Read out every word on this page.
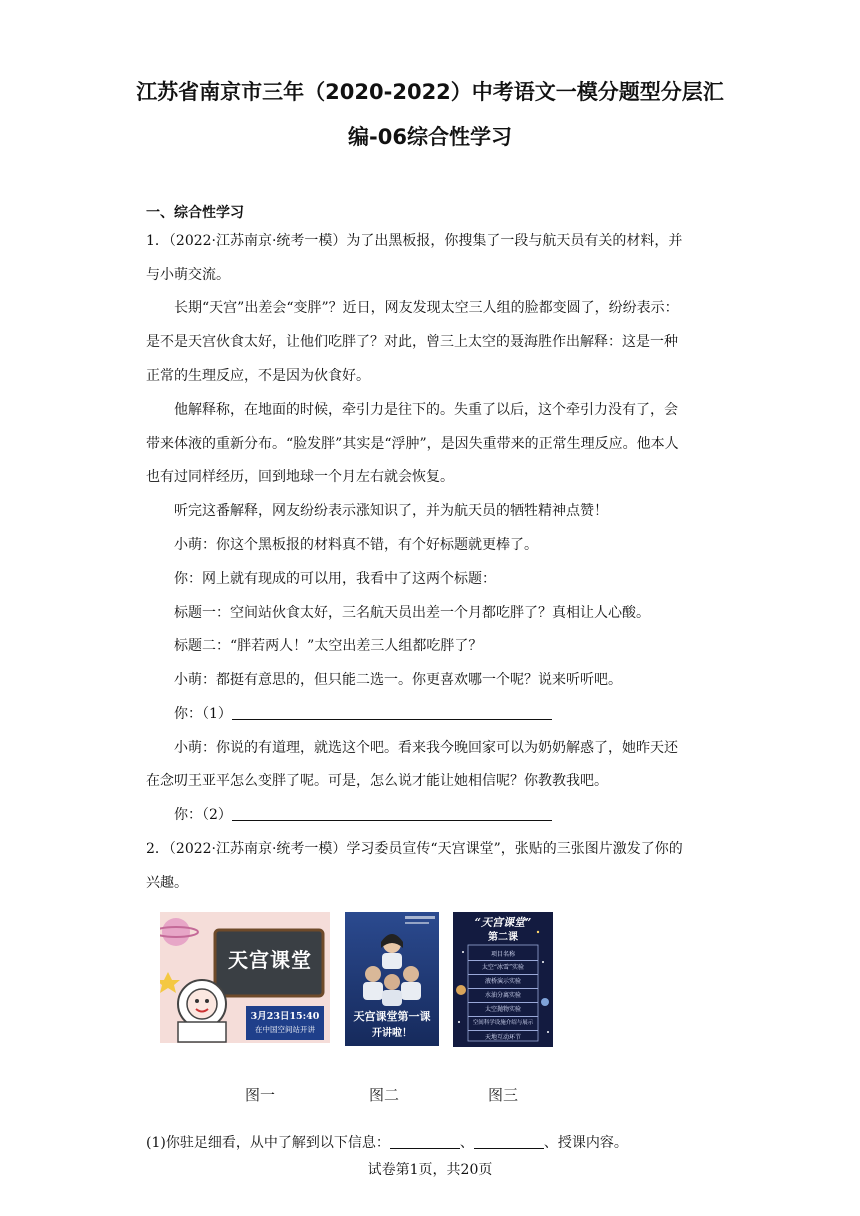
江苏省南京市三年（2020-2022）中考语文一模分题型分层汇
编-06综合性学习
一、综合性学习
1．（2022·江苏南京·统考一模）为了出黑板报，你搜集了一段与航天员有关的材料，并
与小萌交流。
长期“天宫”出差会“变胖”？近日，网友发现太空三人组的脸都变圆了，纷纷表示：
是不是天宫伙食太好，让他们吃胖了？对此，曾三上太空的聂海胜作出解释：这是一种
正常的生理反应，不是因为伙食好。
他解释称，在地面的时候，牵引力是往下的。失重了以后，这个牵引力没有了，会
带来体液的重新分布。“脸发胖”其实是“浮肿”，是因失重带来的正常生理反应。他本人
也有过同样经历，回到地球一个月左右就会恢复。
听完这番解释，网友纷纷表示涨知识了，并为航天员的牺牲精神点赞！
小萌：你这个黑板报的材料真不错，有个好标题就更棒了。
你：网上就有现成的可以用，我看中了这两个标题：
标题一：空间站伙食太好，三名航天员出差一个月都吃胖了？真相让人心酸。
标题二：“胖若两人！”太空出差三人组都吃胖了？
小萌：都挺有意思的，但只能二选一。你更喜欢哪一个呢？说来听听吧。
你：（1）
小萌：你说的有道理，就选这个吧。看来我今晚回家可以为奶奶解惑了，她昨天还
在念叨王亚平怎么变胖了呢。可是，怎么说才能让她相信呢？你教教我吧。
你：（2）
2．（2022·江苏南京·统考一模）学习委员宣传“天宫课堂”，张贴的三张图片激发了你的
兴趣。
天宫课堂
3月23日15:40
在中国空间站开讲
天宫课堂第一课
开讲啦！
“天宫课堂”
第二课
项目名称
太空“冰雪”实验
液桥演示实验
水油分离实验
太空抛物实验
空间科学设施介绍与展示
天地互动环节
图一	图二	图三
(1)你驻足细看，从中了解到以下信息：	、	、授课内容。
试卷第1页，共20页
